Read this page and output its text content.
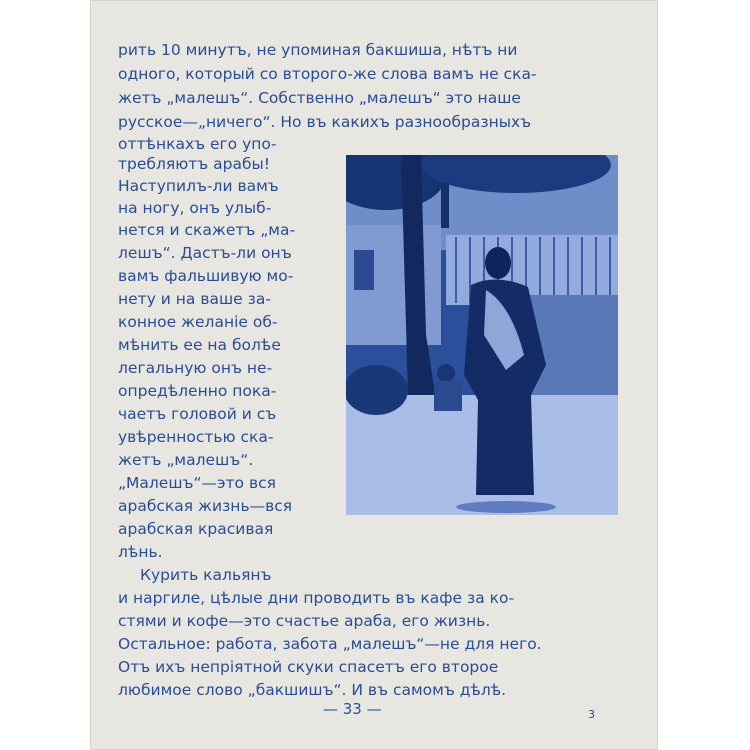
рить 10 минутъ, не упоминая бакшиша, нѣтъ ни
одного, который со второго-же слова вамъ не ска-
жетъ „малешъ“. Собственно „малешъ“ это наше
русское—„ничего“. Но въ какихъ разнообразныхъ
оттѣнкахъ его упо-
требляютъ арабы!
Наступилъ-ли вамъ
на ногу, онъ улыб-
нется и скажетъ „ма-
лешъ“. Дастъ-ли онъ
вамъ фальшивую мо-
нету и на ваше за-
конное желаніе об-
мѣнить ее на болѣе
легальную онъ не-
опредѣленно пока-
чаетъ головой и съ
увѣренностью ска-
жетъ „малешъ“.
„Малешъ“—это вся
арабская жизнь—вся
арабская красивая
лѣнь.
Курить кальянъ
и наргиле, цѣлые дни проводить въ кафе за ко-
стями и кофе—это счастье араба, его жизнь.
Остальное: работа, забота „малешъ“—не для него.
Отъ ихъ непріятной скуки спасетъ его второе
любимое слово „бакшишъ“. И въ самомъ дѣлѣ.
— 33 —	3
